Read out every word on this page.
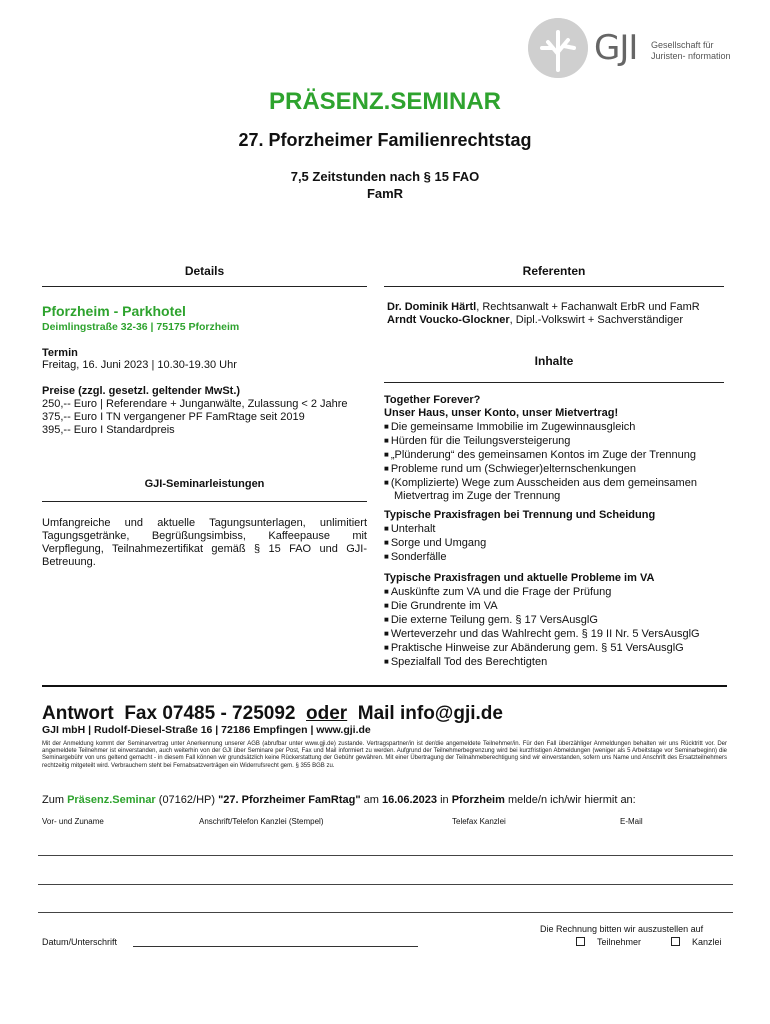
GJI Gesellschaft für
Juristen- nformation
PRÄSENZ.SEMINAR
27. Pforzheimer Familienrechtstag
7,5 Zeitstunden nach § 15 FAO
FamR
Details	Referenten
Pforzheim - Parkhotel
Deimlingstraße 32-36 | 75175 Pforzheim
Termin
Freitag, 16. Juni 2023 | 10.30-19.30 Uhr
Preise (zzgl. gesetzl. geltender MwSt.)
250,-- Euro | Referendare + Junganwälte, Zulassung < 2 Jahre
375,-- Euro I TN vergangener PF FamRtage seit 2019
395,-- Euro I Standardpreis
GJI-Seminarleistungen
Umfangreiche und aktuelle Tagungsunterlagen, unlimitiert Tagungsgetränke, Begrüßungsimbiss, Kaffeepause mit Verpflegung, Teilnahmezertifikat gemäß § 15 FAO und GJI-Betreuung.
Dr. Dominik Härtl, Rechtsanwalt + Fachanwalt ErbR und FamR
Arndt Voucko-Glockner, Dipl.-Volkswirt + Sachverständiger
Inhalte
Together Forever?
Unser Haus, unser Konto, unser Mietvertrag!
■ Die gemeinsame Immobilie im Zugewinnausgleich
■ Hürden für die Teilungsversteigerung
■ „Plünderung“ des gemeinsamen Kontos im Zuge der Trennung
■ Probleme rund um (Schwieger)elternschenkungen
■ (Komplizierte) Wege zum Ausscheiden aus dem gemeinsamen
Mietvertrag im Zuge der Trennung
Typische Praxisfragen bei Trennung und Scheidung
■ Unterhalt
■ Sorge und Umgang
■ Sonderfälle
Typische Praxisfragen und aktuelle Probleme im VA
■ Auskünfte zum VA und die Frage der Prüfung
■ Die Grundrente im VA
■ Die externe Teilung gem. § 17 VersAusglG
■ Werteverzehr und das Wahlrecht gem. § 19 II Nr. 5 VersAusglG
■ Praktische Hinweise zur Abänderung gem. § 51 VersAusglG
■ Spezialfall Tod des Berechtigten
Antwort  Fax 07485 - 725092  oder  Mail info@gji.de
GJI mbH | Rudolf-Diesel-Straße 16 | 72186 Empfingen | www.gji.de
Mit der Anmeldung kommt der Seminarvertrag unter Anerkennung unserer AGB (abrufbar unter www.gji.de) zustande. Vertragspartner/in ist der/die angemeldete Teilnehmer/in. Für den Fall überzähliger Anmeldungen behalten wir uns Rücktritt vor. Der angemeldete Teilnehmer ist einverstanden, auch weiterhin von der GJI über Seminare per Post, Fax und Mail informiert zu werden. Aufgrund der Teilnehmerbegrenzung wird bei kurzfristigen Abmeldungen (weniger als 5 Arbeitstage vor Seminarbeginn) die Seminargebühr von uns geltend gemacht - in diesem Fall können wir grundsätzlich keine Rückerstattung der Gebühr gewähren. Mit einer Übertragung der Teilnahmeberechtigung sind wir einverstanden, sofern uns Name und Anschrift des Ersatzteilnehmers rechtzeitig mitgeteilt wird. Verbrauchern steht bei Fernabsatzverträgen ein Widerrufsrecht gem. § 355 BGB zu.
Zum Präsenz.Seminar (07162/HP) "27. Pforzheimer FamRtag" am 16.06.2023 in Pforzheim melde/n ich/wir hiermit an:
Vor- und Zuname	Anschrift/Telefon Kanzlei (Stempel)	Telefax Kanzlei	E-Mail
Datum/Unterschrift
Die Rechnung bitten wir auszustellen auf
Teilnehmer	Kanzlei
